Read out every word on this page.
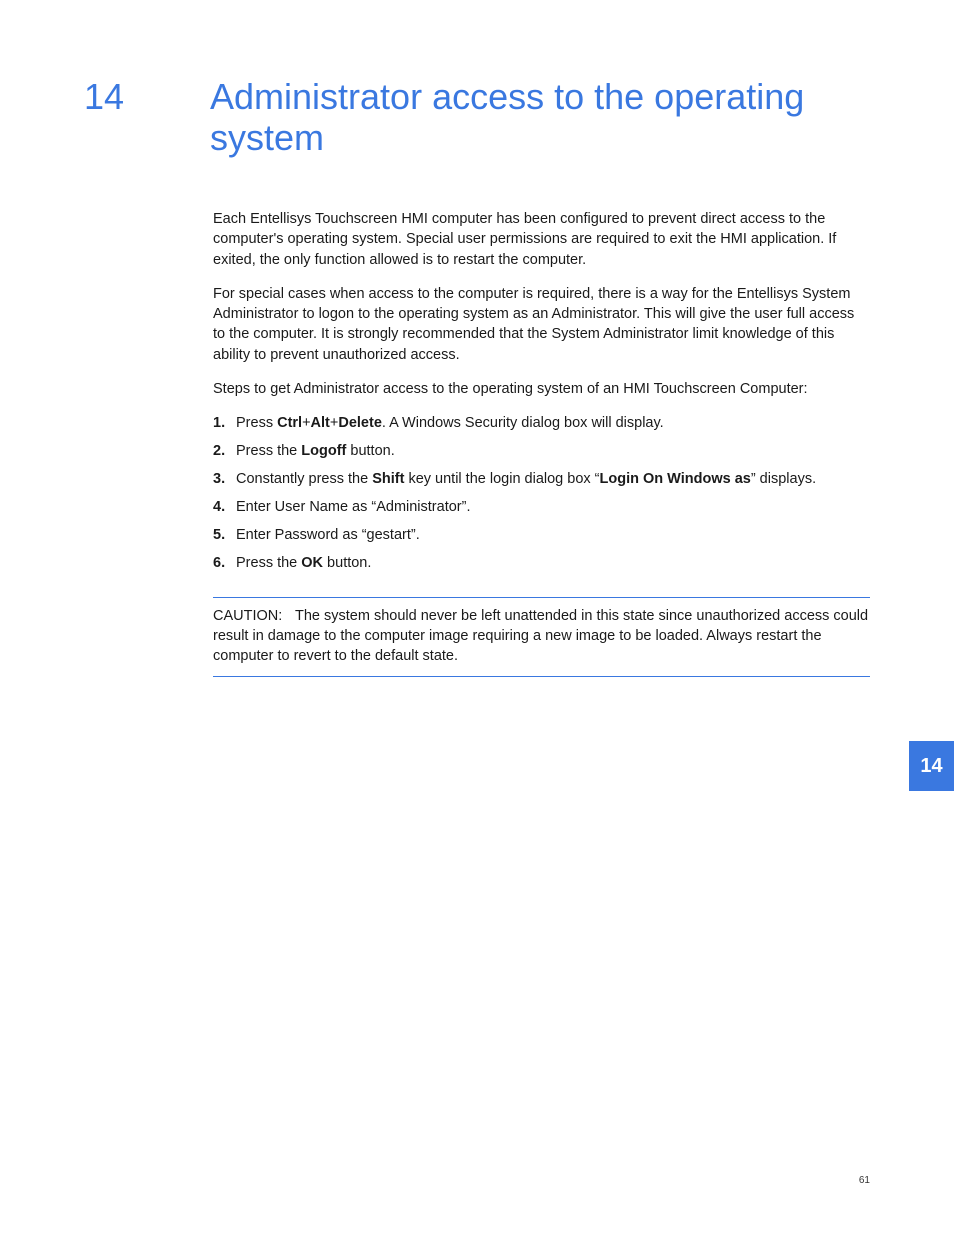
14 Administrator access to the operating system

Each Entellisys Touchscreen HMI computer has been configured to prevent direct access to the computer's operating system. Special user permissions are required to exit the HMI application. If exited, the only function allowed is to restart the computer.

For special cases when access to the computer is required, there is a way for the Entellisys System Administrator to logon to the operating system as an Administrator. This will give the user full access to the computer. It is strongly recommended that the System Administrator limit knowledge of this ability to prevent unauthorized access.

Steps to get Administrator access to the operating system of an HMI Touchscreen Computer:

1. Press Ctrl+Alt+Delete. A Windows Security dialog box will display.
2. Press the Logoff button.
3. Constantly press the Shift key until the login dialog box “Login On Windows as” displays.
4. Enter User Name as “Administrator”.
5. Enter Password as “gestart”.
6. Press the OK button.
CAUTION: The system should never be left unattended in this state since unauthorized access could result in damage to the computer image requiring a new image to be loaded. Always restart the computer to revert to the default state.
14
61
